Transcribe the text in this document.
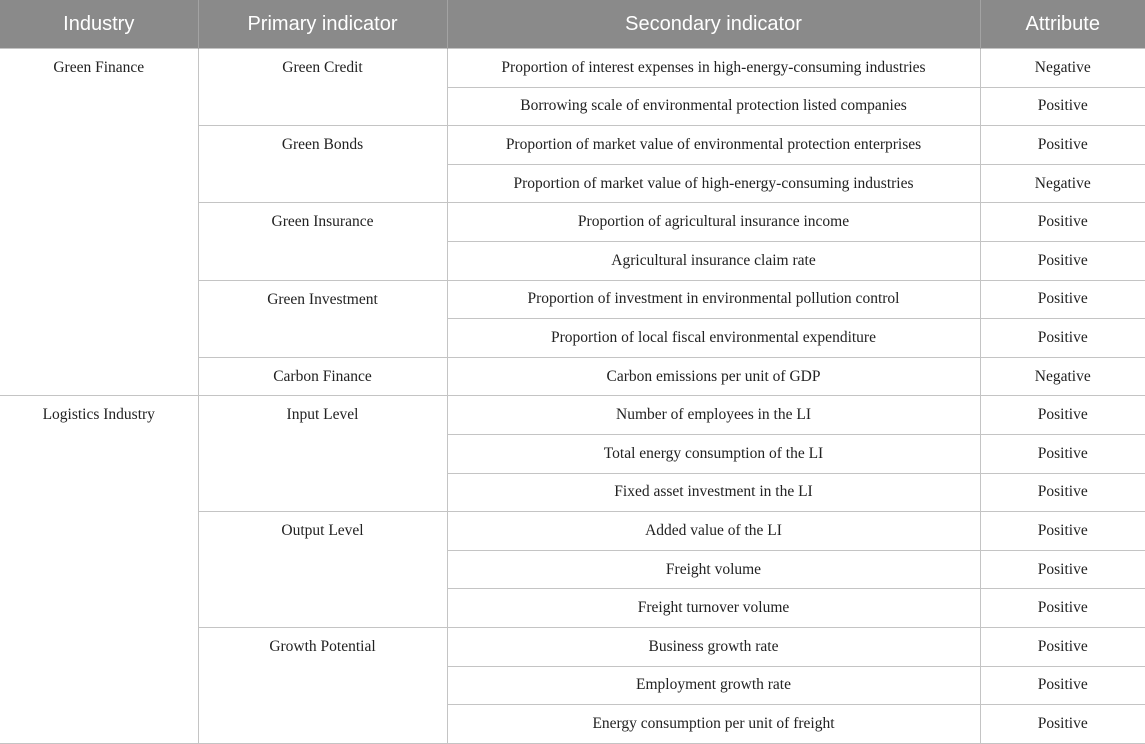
Industry	Primary indicator	Secondary indicator	Attribute
Green Finance	Green Credit	Proportion of interest expenses in high-energy-consuming industries	Negative
		Borrowing scale of environmental protection listed companies	Positive
	Green Bonds	Proportion of market value of environmental protection enterprises	Positive
		Proportion of market value of high-energy-consuming industries	Negative
	Green Insurance	Proportion of agricultural insurance income	Positive
		Agricultural insurance claim rate	Positive
	Green Investment	Proportion of investment in environmental pollution control	Positive
		Proportion of local fiscal environmental expenditure	Positive
	Carbon Finance	Carbon emissions per unit of GDP	Negative
Logistics Industry	Input Level	Number of employees in the LI	Positive
		Total energy consumption of the LI	Positive
		Fixed asset investment in the LI	Positive
	Output Level	Added value of the LI	Positive
		Freight volume	Positive
		Freight turnover volume	Positive
	Growth Potential	Business growth rate	Positive
		Employment growth rate	Positive
		Energy consumption per unit of freight	Positive
